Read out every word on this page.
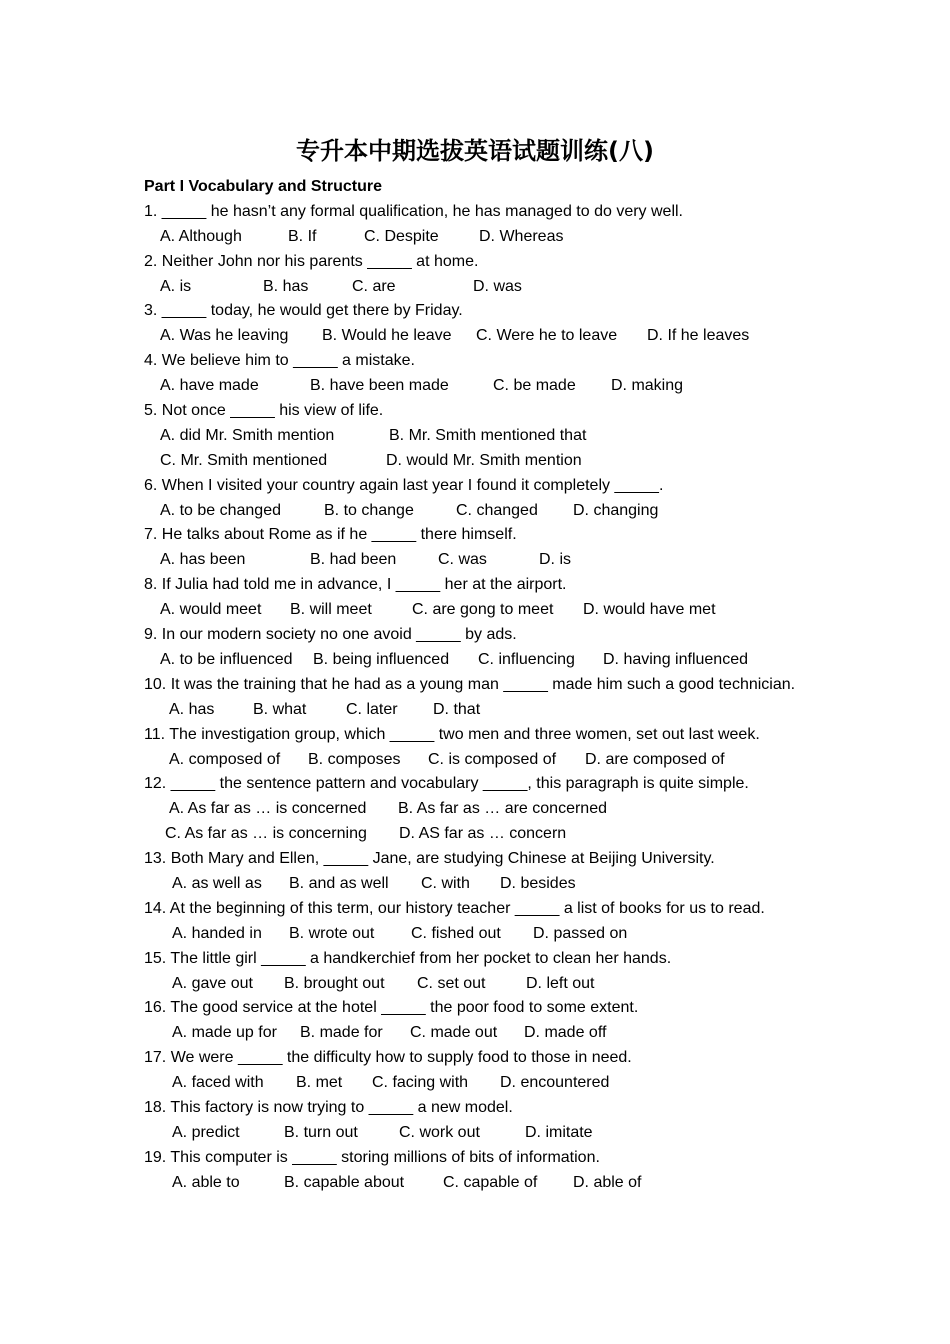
专升本中期选拔英语试题训练(八)
Part I Vocabulary and Structure
1. _____ he hasn’t any formal qualification, he has managed to do very well.
A. Although	B. If	C. Despite	D. Whereas
2. Neither John nor his parents _____ at home.
A. is	B. has	C. are	D. was
3. _____ today, he would get there by Friday.
A. Was he leaving B. Would he leave C. Were he to leave D. If he leaves
4. We believe him to _____ a mistake.
A. have made	B. have been made	C. be made D. making
5. Not once _____ his view of life.
A. did Mr. Smith mention	B. Mr. Smith mentioned that
C. Mr. Smith mentioned	D. would Mr. Smith mention
6. When I visited your country again last year I found it completely _____.
A. to be changed	B. to change	C. changed D. changing
7. He talks about Rome as if he _____ there himself.
A. has been	B. had been	C. was	D. is
8. If Julia had told me in advance, I _____ her at the airport.
A. would meet B. will meet	C. are gong to meet D. would have met
9. In our modern society no one avoid _____ by ads.
A. to be influenced B. being influenced C. influencing D. having influenced
10. It was the training that he had as a young man _____ made him such a good technician.
A. has B. what C. later D. that
11. The investigation group, which _____ two men and three women, set out last week.
A. composed of B. composes C. is composed of D. are composed of
12. _____ the sentence pattern and vocabulary _____, this paragraph is quite simple.
A. As far as … is concerned B. As far as … are concerned
C. As far as … is concerning D. AS far as … concern
13. Both Mary and Ellen, _____ Jane, are studying Chinese at Beijing University.
A. as well as B. and as well C. with D. besides
14. At the beginning of this term, our history teacher _____ a list of books for us to read.
A. handed in B. wrote out C. fished out D. passed on
15. The little girl _____ a handkerchief from her pocket to clean her hands.
A. gave out B. brought out C. set out	D. left out
16. The good service at the hotel _____ the poor food to some extent.
A. made up for B. made for C. made out D. made off
17. We were _____ the difficulty how to supply food to those in need.
A. faced with B. met C. facing with D. encountered
18. This factory is now trying to _____ a new model.
A. predict	B. turn out	C. work out	D. imitate
19. This computer is _____ storing millions of bits of information.
A. able to	B. capable about C. capable of D. able of
